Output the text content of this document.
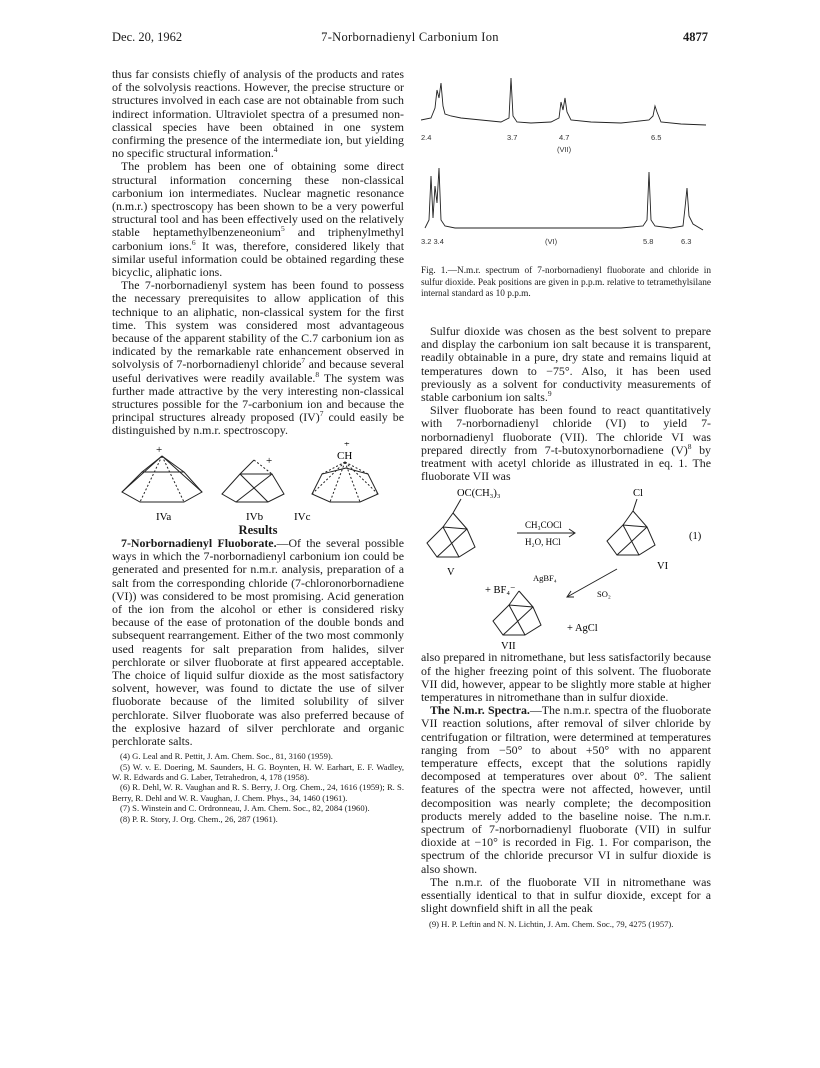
Dec. 20, 1962	7-Norbornadienyl Carbonium Ion	4877

thus far consists chiefly of analysis of the products and rates of the solvolysis reactions. However, the precise structure or structures involved in each case are not obtainable from such indirect information. Ultraviolet spectra of a presumed non-classical species have been obtained in one system confirming the presence of the intermediate ion, but yielding no specific structural information.$^4$

The problem has been one of obtaining some direct structural information concerning these non-classical carbonium ion intermediates. Nuclear magnetic resonance (n.m.r.) spectroscopy has been shown to be a very powerful structural tool and has been effectively used on the relatively stable heptamethylbenzeneonium$^5$ and triphenylmethyl carbonium ions.$^6$ It was, therefore, considered likely that similar useful information could be obtained regarding these bicyclic, aliphatic ions.

The 7-norbornadienyl system has been found to possess the necessary prerequisites to allow application of this technique to an aliphatic, non-classical system for the first time. This system was considered most advantageous because of the apparent stability of the C.7 carbonium ion as indicated by the remarkable rate enhancement observed in solvolysis of 7-norbornadienyl chloride$^7$ and because several useful derivatives were readily available.$^8$ The system was further made attractive by the very interesting non-classical structures possible for the 7-carbonium ion and because the principal structures already proposed (IV)$^7$ could easily be distinguished by n.m.r. spectroscopy.

+
+
+
CH
IVa	IVb	IVc

Results

7-Norbornadienyl Fluoborate.—Of the several possible ways in which the 7-norbornadienyl carbonium ion could be generated and presented for n.m.r. analysis, preparation of a salt from the corresponding chloride (7-chloronorbornadiene (VI)) was considered to be most promising. Acid generation of the ion from the alcohol or ether is considered risky because of the ease of protonation of the double bonds and subsequent rearrangement. Either of the two most commonly used reagents for salt preparation from halides, silver perchlorate or silver fluoborate at first appeared acceptable. The choice of liquid sulfur dioxide as the most satisfactory solvent, however, was found to dictate the use of silver fluoborate because of the limited solubility of silver perchlorate. Silver fluoborate was also preferred because of the explosive hazard of silver perchlorate and organic perchlorate salts.

(4) G. Leal and R. Pettit, J. Am. Chem. Soc., 81, 3160 (1959).
(5) W. v. E. Doering, M. Saunders, H. G. Boynten, H. W. Earhart, E. F. Wadley, W. R. Edwards and G. Laber, Tetrahedron, 4, 178 (1958).
(6) R. Dehl, W. R. Vaughan and R. S. Berry, J. Org. Chem., 24, 1616 (1959); R. S. Berry, R. Dehl and W. R. Vaughan, J. Chem. Phys., 34, 1460 (1961).
(7) S. Winstein and C. Ordronneau, J. Am. Chem. Soc., 82, 2084 (1960).
(8) P. R. Story, J. Org. Chem., 26, 287 (1961).
2.4	3.7	4.7	6.5
(VII)
3.2 3.4	(VI)	5.8	6.3
Fig. 1.—N.m.r. spectrum of 7-norbornadienyl fluoborate and chloride in sulfur dioxide. Peak positions are given in p.p.m. relative to tetramethylsilane internal standard as 10 p.p.m.

Sulfur dioxide was chosen as the best solvent to prepare and display the carbonium ion salt because it is transparent, readily obtainable in a pure, dry state and remains liquid at temperatures down to −75°. Also, it has been used previously as a solvent for conductivity measurements of stable carbonium ion salts.$^9$

Silver fluoborate has been found to react quantitatively with 7-norbornadienyl chloride (VI) to yield 7-norbornadienyl fluoborate (VII). The chloride VI was prepared directly from 7-t-butoxynorbornadiene $(V)^8$ by treatment with acetyl chloride as illustrated in eq. 1. The fluoborate VII was

OC(CH₃)₃	Cl
CH₃COCl
H₂O, HCl	(1)
V
VI
AgBF₄
SO₂
+ BF₄⁻
+ AgCl
VII

also prepared in nitromethane, but less satisfactorily because of the higher freezing point of this solvent. The fluoborate VII did, however, appear to be slightly more stable at higher temperatures in nitromethane than in sulfur dioxide.

The N.m.r. Spectra.—The n.m.r. spectra of the fluoborate VII reaction solutions, after removal of silver chloride by centrifugation or filtration, were determined at temperatures ranging from −50° to about +50° with no apparent temperature effects, except that the solutions rapidly decomposed at temperatures over about 0°. The salient features of the spectra were not affected, however, until decomposition was nearly complete; the decomposition products merely added to the baseline noise. The n.m.r. spectrum of 7-norbornadienyl fluoborate (VII) in sulfur dioxide at −10° is recorded in Fig. 1. For comparison, the spectrum of the chloride precursor VI in sulfur dioxide is also shown.

The n.m.r. of the fluoborate VII in nitromethane was essentially identical to that in sulfur dioxide, except for a slight downfield shift in all the peak

(9) H. P. Leftin and N. N. Lichtin, J. Am. Chem. Soc., 79, 4275 (1957).
